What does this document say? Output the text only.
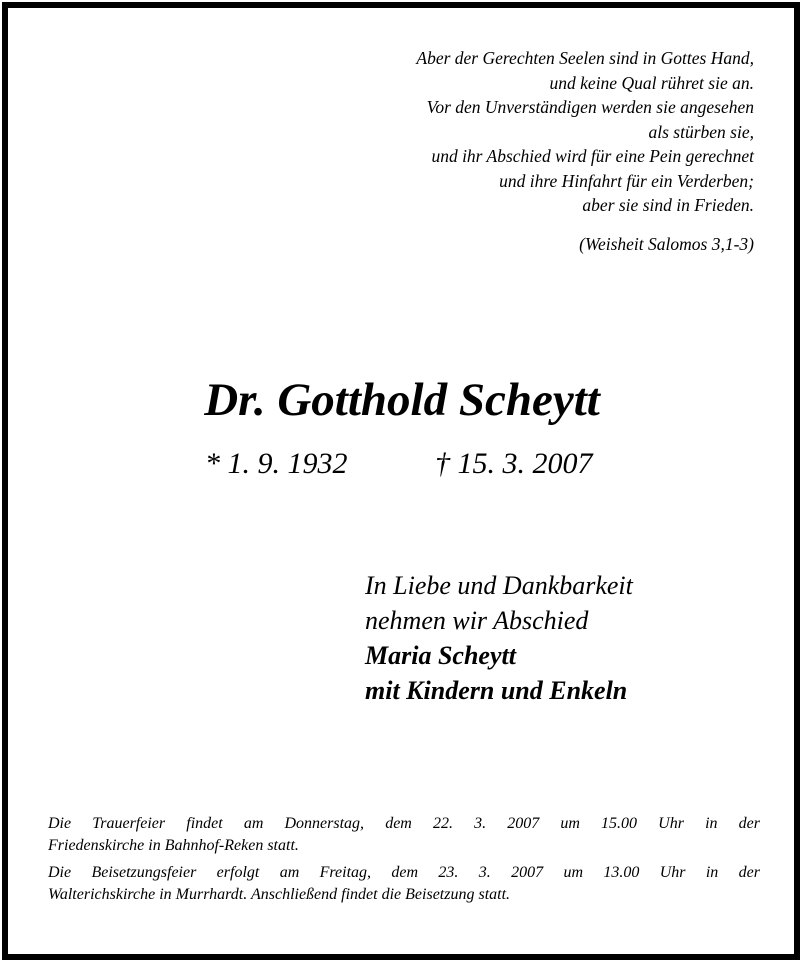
Aber der Gerechten Seelen sind in Gottes Hand,
und keine Qual rühret sie an.
Vor den Unverständigen werden sie angesehen
als stürben sie,
und ihr Abschied wird für eine Pein gerechnet
und ihre Hinfahrt für ein Verderben;
aber sie sind in Frieden.
(Weisheit Salomos 3,1-3)
Dr. Gotthold Scheytt
* 1. 9. 1932	† 15. 3. 2007
In Liebe und Dankbarkeit
nehmen wir Abschied
Maria Scheytt
mit Kindern und Enkeln
Die Trauerfeier findet am Donnerstag, dem 22. 3. 2007 um 15.00 Uhr in der
Friedenskirche in Bahnhof-Reken statt.
Die Beisetzungsfeier erfolgt am Freitag, dem 23. 3. 2007 um 13.00 Uhr in der
Walterichskirche in Murrhardt. Anschließend findet die Beisetzung statt.
